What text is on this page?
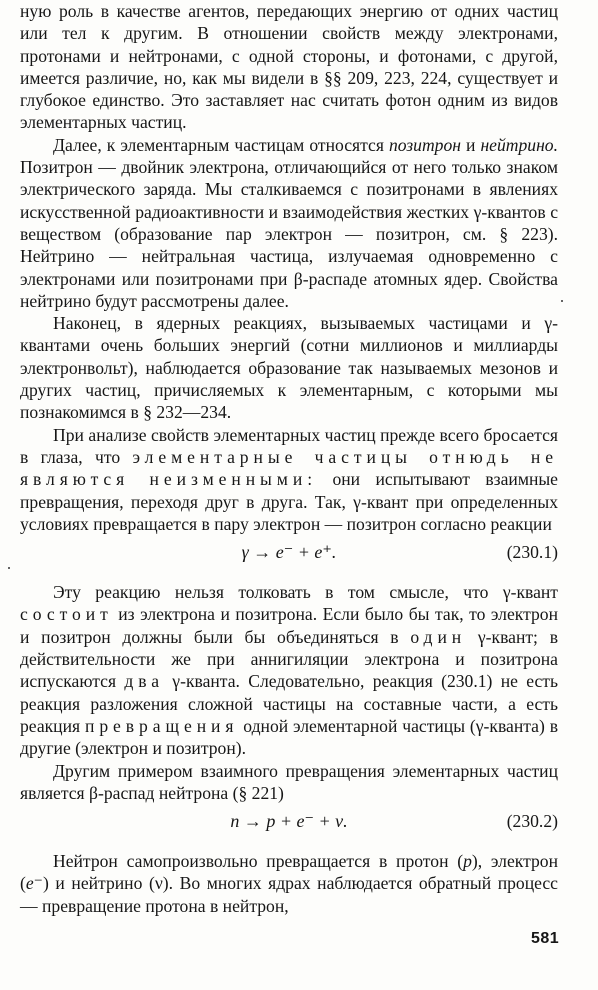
ную роль в качестве агентов, передающих энергию от одних частиц или тел к другим. В отношении свойств между электронами, протонами и нейтронами, с одной стороны, и фотонами, с другой, имеется различие, но, как мы видели в §§ 209, 223, 224, существует и глубокое единство. Это заставляет нас считать фотон одним из видов элементарных частиц.

Далее, к элементарным частицам относятся позитрон и нейтрино. Позитрон — двойник электрона, отличающийся от него только знаком электрического заряда. Мы сталкиваемся с позитронами в явлениях искусственной радиоактивности и взаимодействия жестких γ-квантов с веществом (образование пар электрон — позитрон, см. § 223). Нейтрино — нейтральная частица, излучаемая одновременно с электронами или позитронами при β-распаде атомных ядер. Свойства нейтрино будут рассмотрены далее.

Наконец, в ядерных реакциях, вызываемых частицами и γ-квантами очень больших энергий (сотни миллионов и миллиарды электронвольт), наблюдается образование так называемых мезонов и других частиц, причисляемых к элементарным, с которыми мы познакомимся в § 232—234.

При анализе свойств элементарных частиц прежде всего бросается в глаза, что элементарные частицы отнюдь не являются неизменными: они испытывают взаимные превращения, переходя друг в друга. Так, γ-квант при определенных условиях превращается в пару электрон — позитрон согласно реакции

γ → e⁻ + e⁺.	(230.1)

Эту реакцию нельзя толковать в том смысле, что γ-квант состоит из электрона и позитрона. Если было бы так, то электрон и позитрон должны были бы объединяться в один γ-квант; в действительности же при аннигиляции электрона и позитрона испускаются два γ-кванта. Следовательно, реакция (230.1) не есть реакция разложения сложной частицы на составные части, а есть реакция превращения одной элементарной частицы (γ-кванта) в другие (электрон и позитрон).

Другим примером взаимного превращения элементарных частиц является β-распад нейтрона (§ 221)

n → p + e⁻ + ν.	(230.2)

Нейтрон самопроизвольно превращается в протон (p), электрон (e⁻) и нейтрино (ν). Во многих ядрах наблюдается обратный процесс — превращение протона в нейтрон,

581
